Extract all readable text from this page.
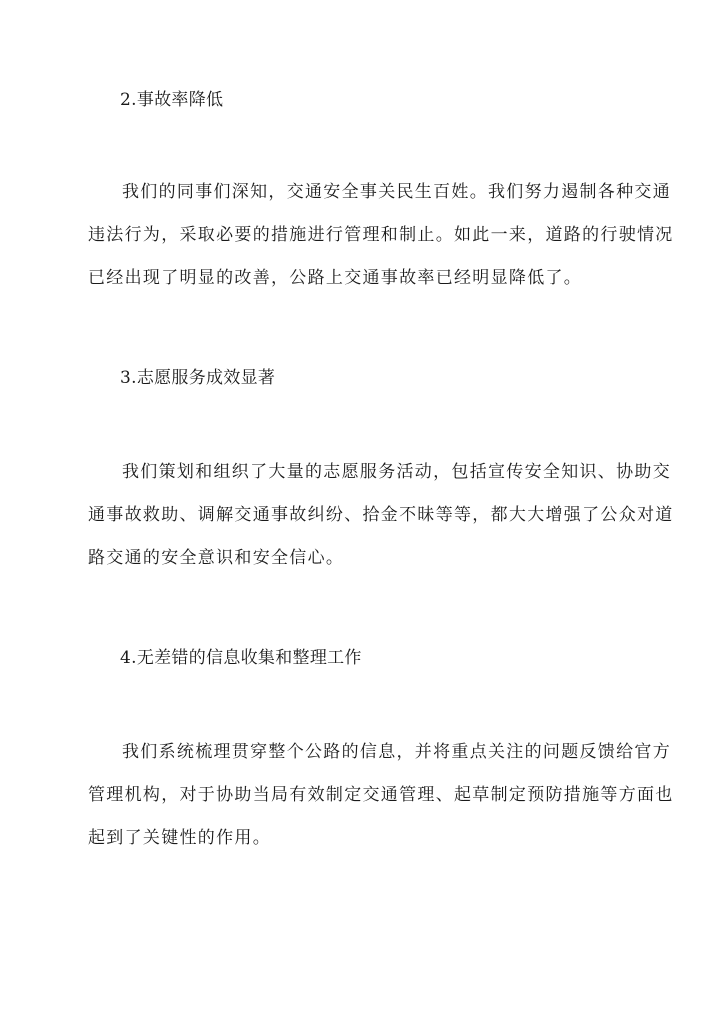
2.事故率降低
我们的同事们深知，交通安全事关民生百姓。我们努力遏制各种交通
违法行为，采取必要的措施进行管理和制止。如此一来，道路的行驶情况
已经出现了明显的改善，公路上交通事故率已经明显降低了。
3.志愿服务成效显著
我们策划和组织了大量的志愿服务活动，包括宣传安全知识、协助交
通事故救助、调解交通事故纠纷、拾金不昧等等，都大大增强了公众对道
路交通的安全意识和安全信心。
4.无差错的信息收集和整理工作
我们系统梳理贯穿整个公路的信息，并将重点关注的问题反馈给官方
管理机构，对于协助当局有效制定交通管理、起草制定预防措施等方面也
起到了关键性的作用。
